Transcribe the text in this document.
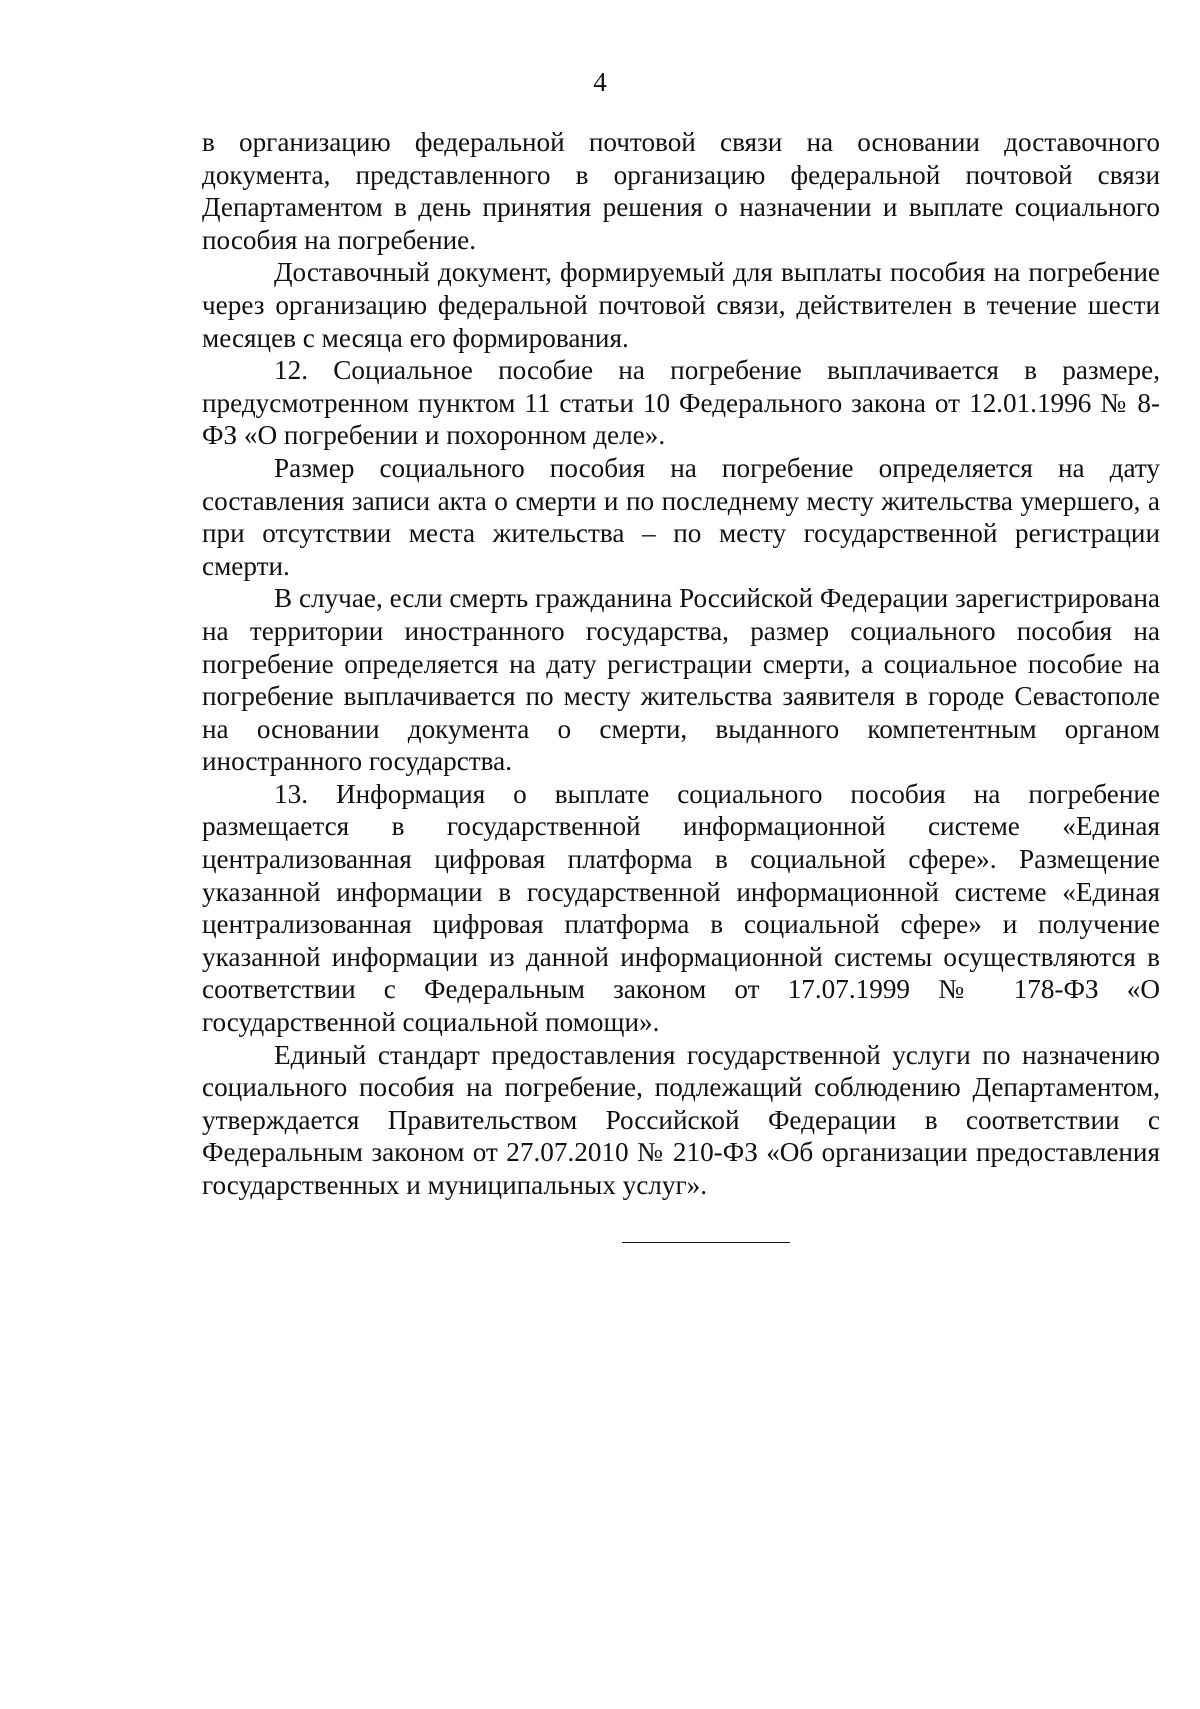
4

в организацию федеральной почтовой связи на основании доставочного документа, представленного в организацию федеральной почтовой связи Департаментом в день принятия решения о назначении и выплате социального пособия на погребение.

Доставочный документ, формируемый для выплаты пособия на погребение через организацию федеральной почтовой связи, действителен в течение шести месяцев с месяца его формирования.

12. Социальное пособие на погребение выплачивается в размере, предусмотренном пунктом 11 статьи 10 Федерального закона от 12.01.1996 № 8-ФЗ «О погребении и похоронном деле».

Размер социального пособия на погребение определяется на дату составления записи акта о смерти и по последнему месту жительства умершего, а при отсутствии места жительства – по месту государственной регистрации смерти.

В случае, если смерть гражданина Российской Федерации зарегистрирована на территории иностранного государства, размер социального пособия на погребение определяется на дату регистрации смерти, а социальное пособие на погребение выплачивается по месту жительства заявителя в городе Севастополе на основании документа о смерти, выданного компетентным органом иностранного государства.

13. Информация о выплате социального пособия на погребение размещается в государственной информационной системе «Единая централизованная цифровая платформа в социальной сфере». Размещение указанной информации в государственной информационной системе «Единая централизованная цифровая платформа в социальной сфере» и получение указанной информации из данной информационной системы осуществляются в соответствии с Федеральным законом от 17.07.1999 № 178-ФЗ «О государственной социальной помощи».

Единый стандарт предоставления государственной услуги по назначению социального пособия на погребение, подлежащий соблюдению Департаментом, утверждается Правительством Российской Федерации в соответствии с Федеральным законом от 27.07.2010 № 210-ФЗ «Об организации предоставления государственных и муниципальных услуг».
